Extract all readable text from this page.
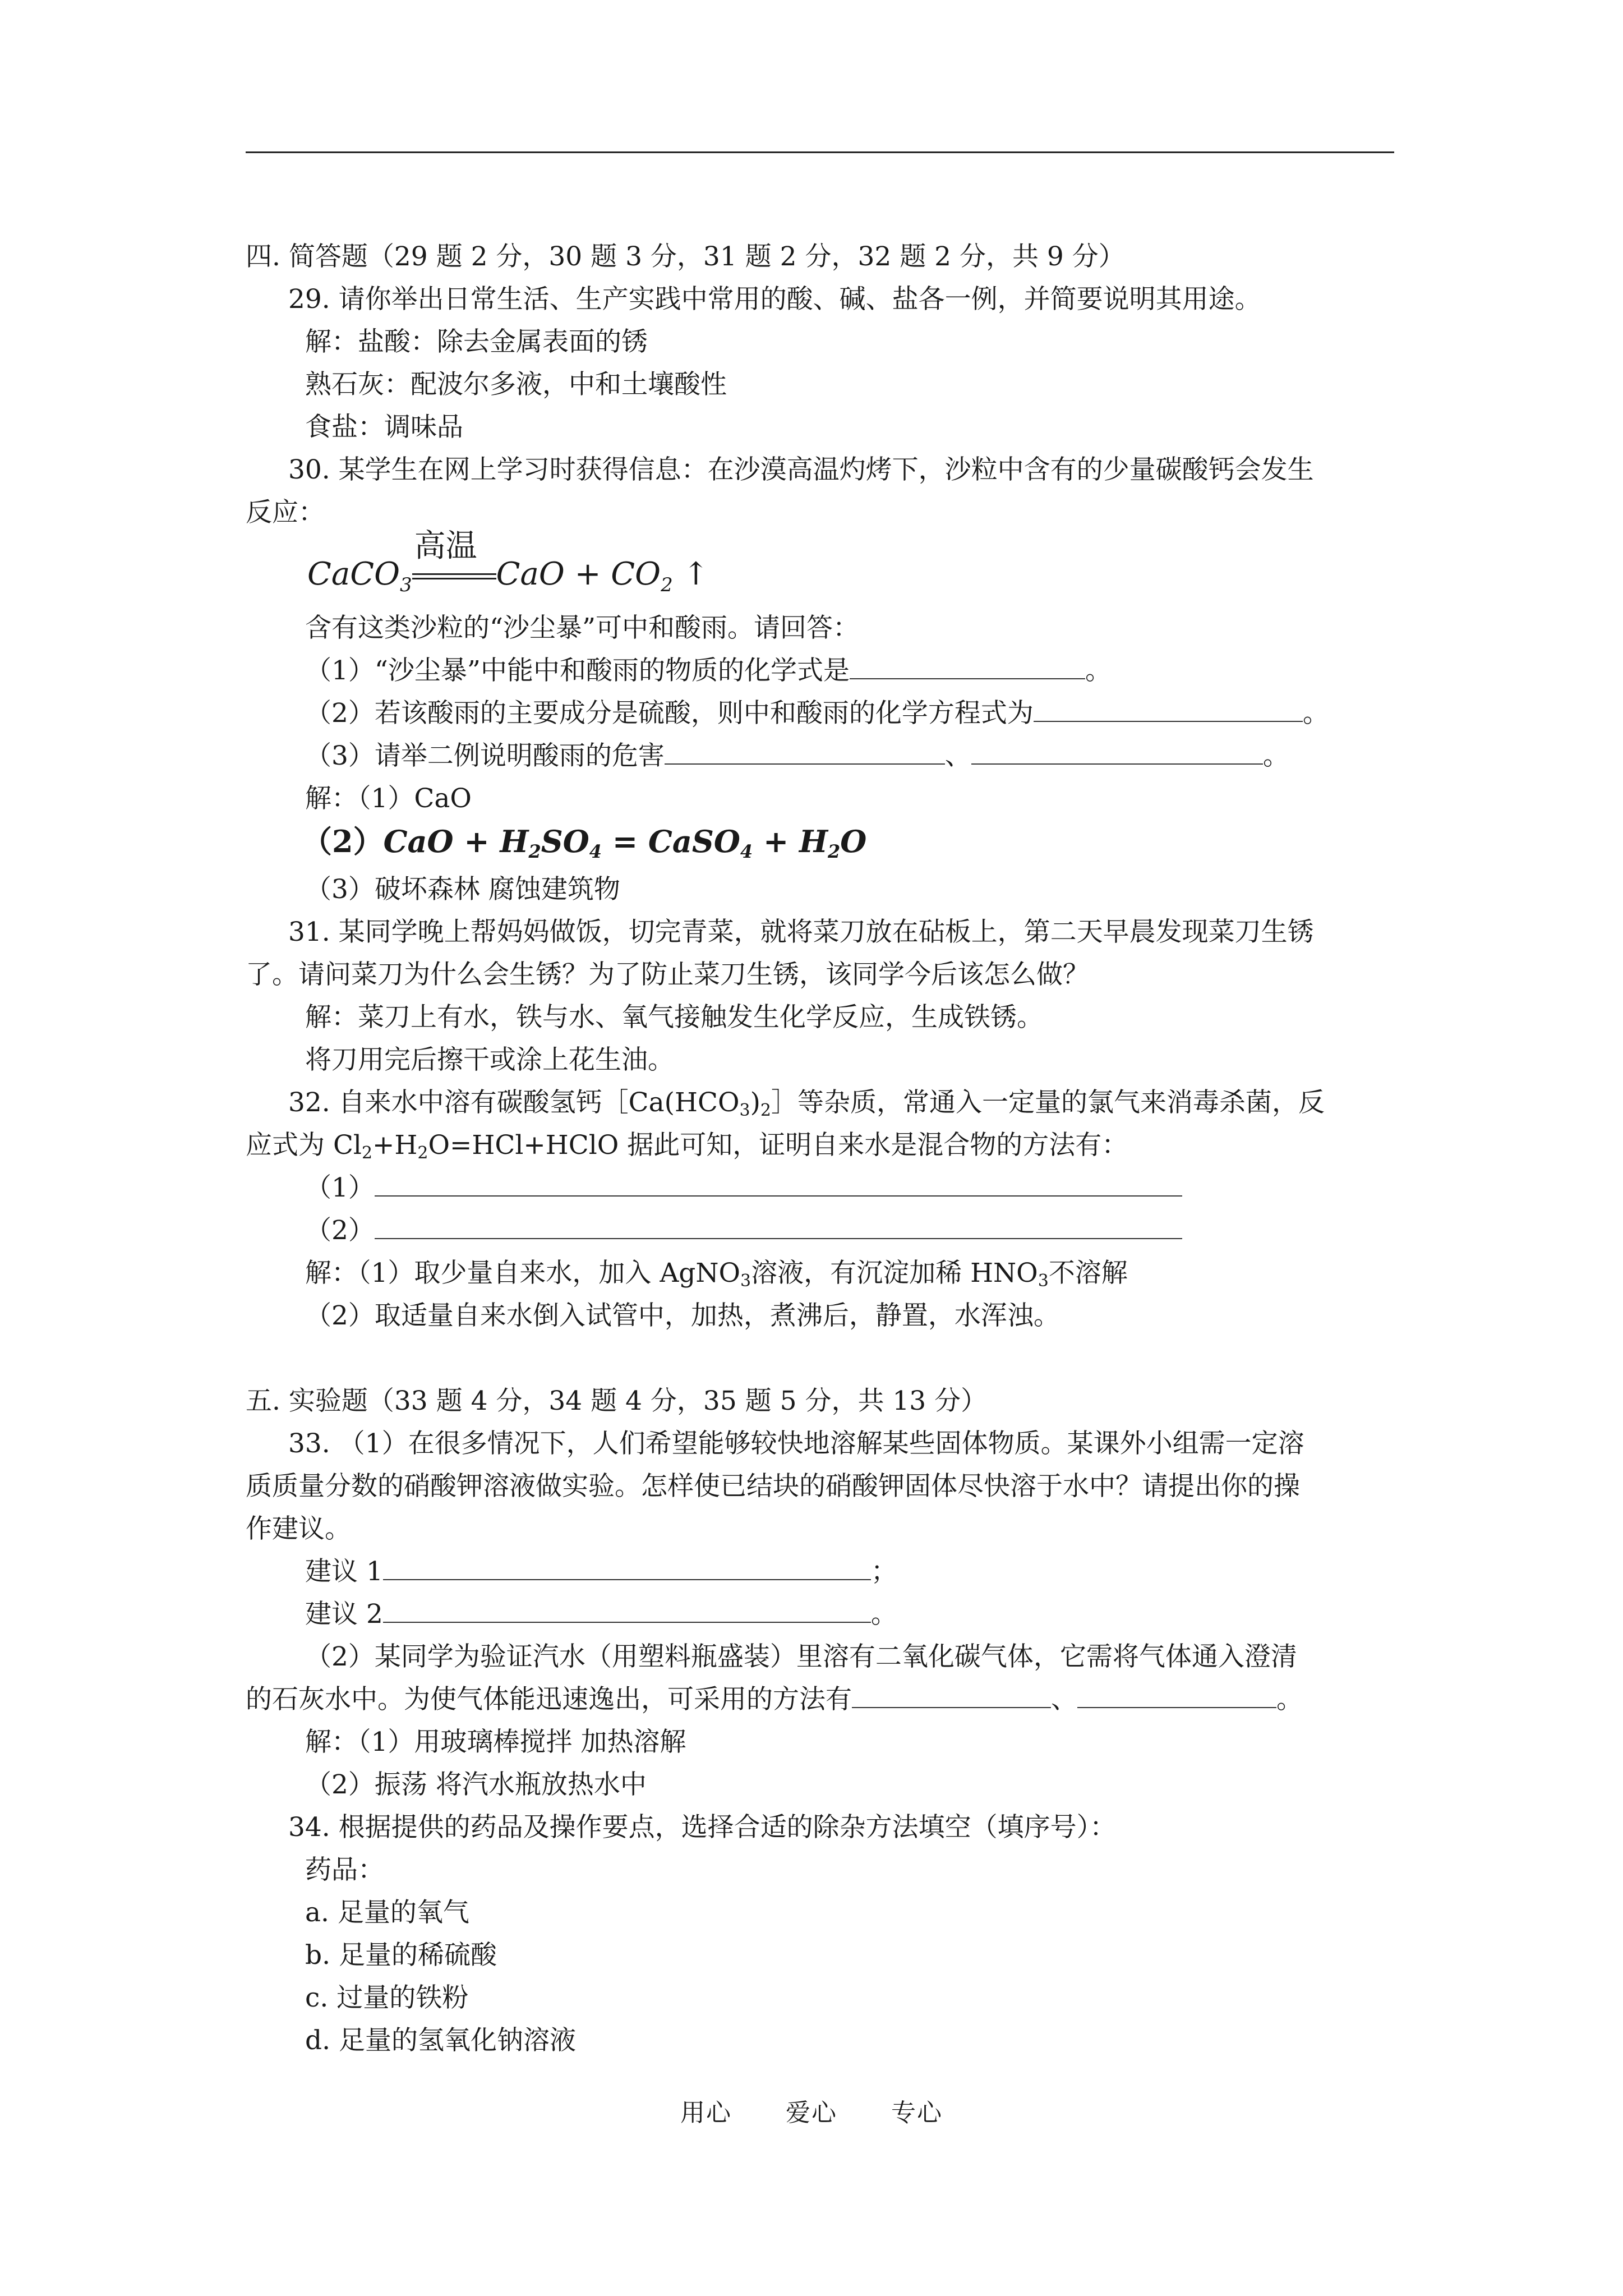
四. 简答题（29 题 2 分，30 题 3 分，31 题 2 分，32 题 2 分，共 9 分）
29. 请你举出日常生活、生产实践中常用的酸、碱、盐各一例，并简要说明其用途。
解：盐酸：除去金属表面的锈
熟石灰：配波尔多液，中和土壤酸性
食盐：调味品
30. 某学生在网上学习时获得信息：在沙漠高温灼烤下，沙粒中含有的少量碳酸钙会发生
反应：
CaCO$_3$
高温
CaO + $CO_2$ ↑
含有这类沙粒的“沙尘暴”可中和酸雨。请回答：
（1）“沙尘暴”中能中和酸雨的物质的化学式是	。
（2）若该酸雨的主要成分是硫酸，则中和酸雨的化学方程式为	。
（3）请举二例说明酸雨的危害	、	。
解：（1）CaO
（2）CaO + H2SO4 = CaSO4 + H2O
（3）破坏森林 腐蚀建筑物
31. 某同学晚上帮妈妈做饭，切完青菜，就将菜刀放在砧板上，第二天早晨发现菜刀生锈
了。请问菜刀为什么会生锈？为了防止菜刀生锈，该同学今后该怎么做？
解：菜刀上有水，铁与水、氧气接触发生化学反应，生成铁锈。
将刀用完后擦干或涂上花生油。
32. 自来水中溶有碳酸氢钙$[Ca(HCO_3)_2]$等杂质，常通入一定量的氯气来消毒杀菌，反
应式为 $Cl_2+H_2O=HCl+HClO$ 据此可知，证明自来水是混合物的方法有：
（1）
（2）
解：（1）取少量自来水，加入 AgNO$_3$溶液，有沉淀加稀 $HNO_3$不溶解
（2）取适量自来水倒入试管中，加热，煮沸后，静置，水浑浊。
五. 实验题（33 题 4 分，34 题 4 分，35 题 5 分，共 13 分）
33. （1）在很多情况下，人们希望能够较快地溶解某些固体物质。某课外小组需一定溶
质质量分数的硝酸钾溶液做实验。怎样使已结块的硝酸钾固体尽快溶于水中？请提出你的操
作建议。
建议 1	；
建议 2	。
（2）某同学为验证汽水（用塑料瓶盛装）里溶有二氧化碳气体，它需将气体通入澄清
的石灰水中。为使气体能迅速逸出，可采用的方法有	、	。
解：（1）用玻璃棒搅拌 加热溶解
（2）振荡 将汽水瓶放热水中
34. 根据提供的药品及操作要点，选择合适的除杂方法填空（填序号）：
药品：
a. 足量的氧气
b. 足量的稀硫酸
c. 过量的铁粉
d. 足量的氢氧化钠溶液
用心 爱心 专心
